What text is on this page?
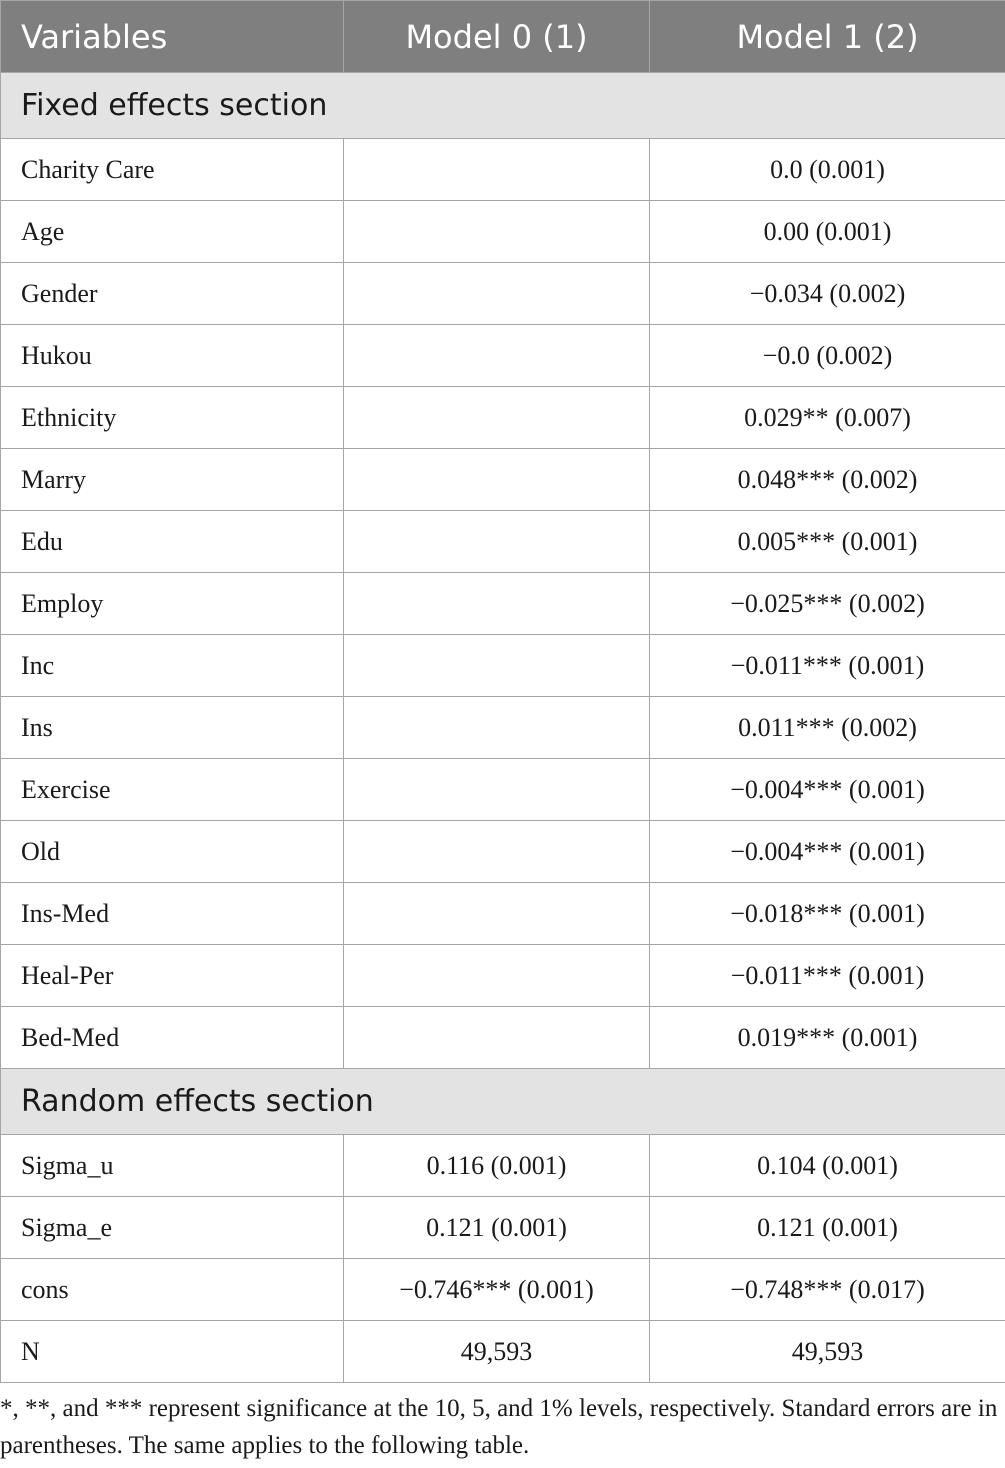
Variables	Model 0 (1)	Model 1 (2)
Fixed effects section		
Charity Care		0.0 (0.001)
Age		0.00 (0.001)
Gender		−0.034 (0.002)
Hukou		−0.0 (0.002)
Ethnicity		0.029** (0.007)
Marry		0.048*** (0.002)
Edu		0.005*** (0.001)
Employ		−0.025*** (0.002)
Inc		−0.011*** (0.001)
Ins		0.011*** (0.002)
Exercise		−0.004*** (0.001)
Old		−0.004*** (0.001)
Ins-Med		−0.018*** (0.001)
Heal-Per		−0.011*** (0.001)
Bed-Med		0.019*** (0.001)
Random effects section		
Sigma_u	0.116 (0.001)	0.104 (0.001)
Sigma_e	0.121 (0.001)	0.121 (0.001)
cons	−0.746*** (0.001)	−0.748*** (0.017)
N	49,593	49,593

*, **, and *** represent significance at the 10, 5, and 1% levels, respectively. Standard errors are in parentheses. The same applies to the following table.
